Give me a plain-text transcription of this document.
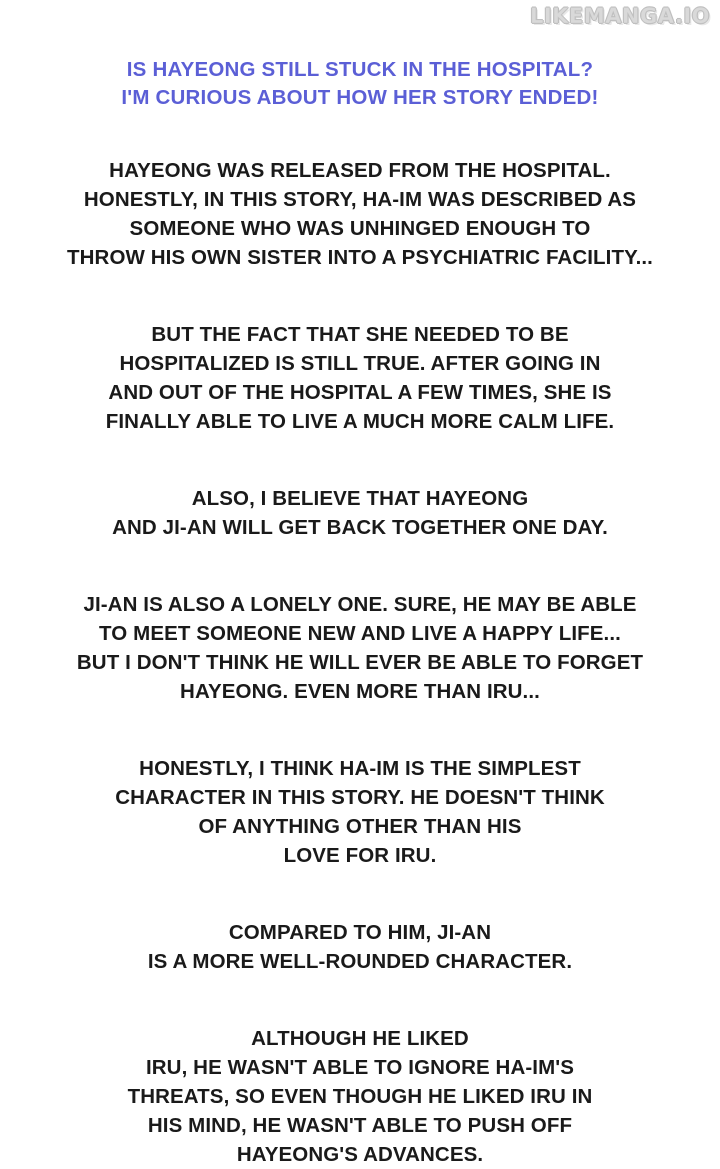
LIKEMANGA.IO
IS HAYEONG STILL STUCK IN THE HOSPITAL?
I'M CURIOUS ABOUT HOW HER STORY ENDED!
HAYEONG WAS RELEASED FROM THE HOSPITAL.
HONESTLY, IN THIS STORY, HA-IM WAS DESCRIBED AS
SOMEONE WHO WAS UNHINGED ENOUGH TO
THROW HIS OWN SISTER INTO A PSYCHIATRIC FACILITY...
BUT THE FACT THAT SHE NEEDED TO BE
HOSPITALIZED IS STILL TRUE. AFTER GOING IN
AND OUT OF THE HOSPITAL A FEW TIMES, SHE IS
FINALLY ABLE TO LIVE A MUCH MORE CALM LIFE.
ALSO, I BELIEVE THAT HAYEONG
AND JI-AN WILL GET BACK TOGETHER ONE DAY.
JI-AN IS ALSO A LONELY ONE. SURE, HE MAY BE ABLE
TO MEET SOMEONE NEW AND LIVE A HAPPY LIFE...
BUT I DON'T THINK HE WILL EVER BE ABLE TO FORGET
HAYEONG. EVEN MORE THAN IRU...
HONESTLY, I THINK HA-IM IS THE SIMPLEST
CHARACTER IN THIS STORY. HE DOESN'T THINK
OF ANYTHING OTHER THAN HIS
LOVE FOR IRU.
COMPARED TO HIM, JI-AN
IS A MORE WELL-ROUNDED CHARACTER.
ALTHOUGH HE LIKED
IRU, HE WASN'T ABLE TO IGNORE HA-IM'S
THREATS, SO EVEN THOUGH HE LIKED IRU IN
HIS MIND, HE WASN'T ABLE TO PUSH OFF
HAYEONG'S ADVANCES.
